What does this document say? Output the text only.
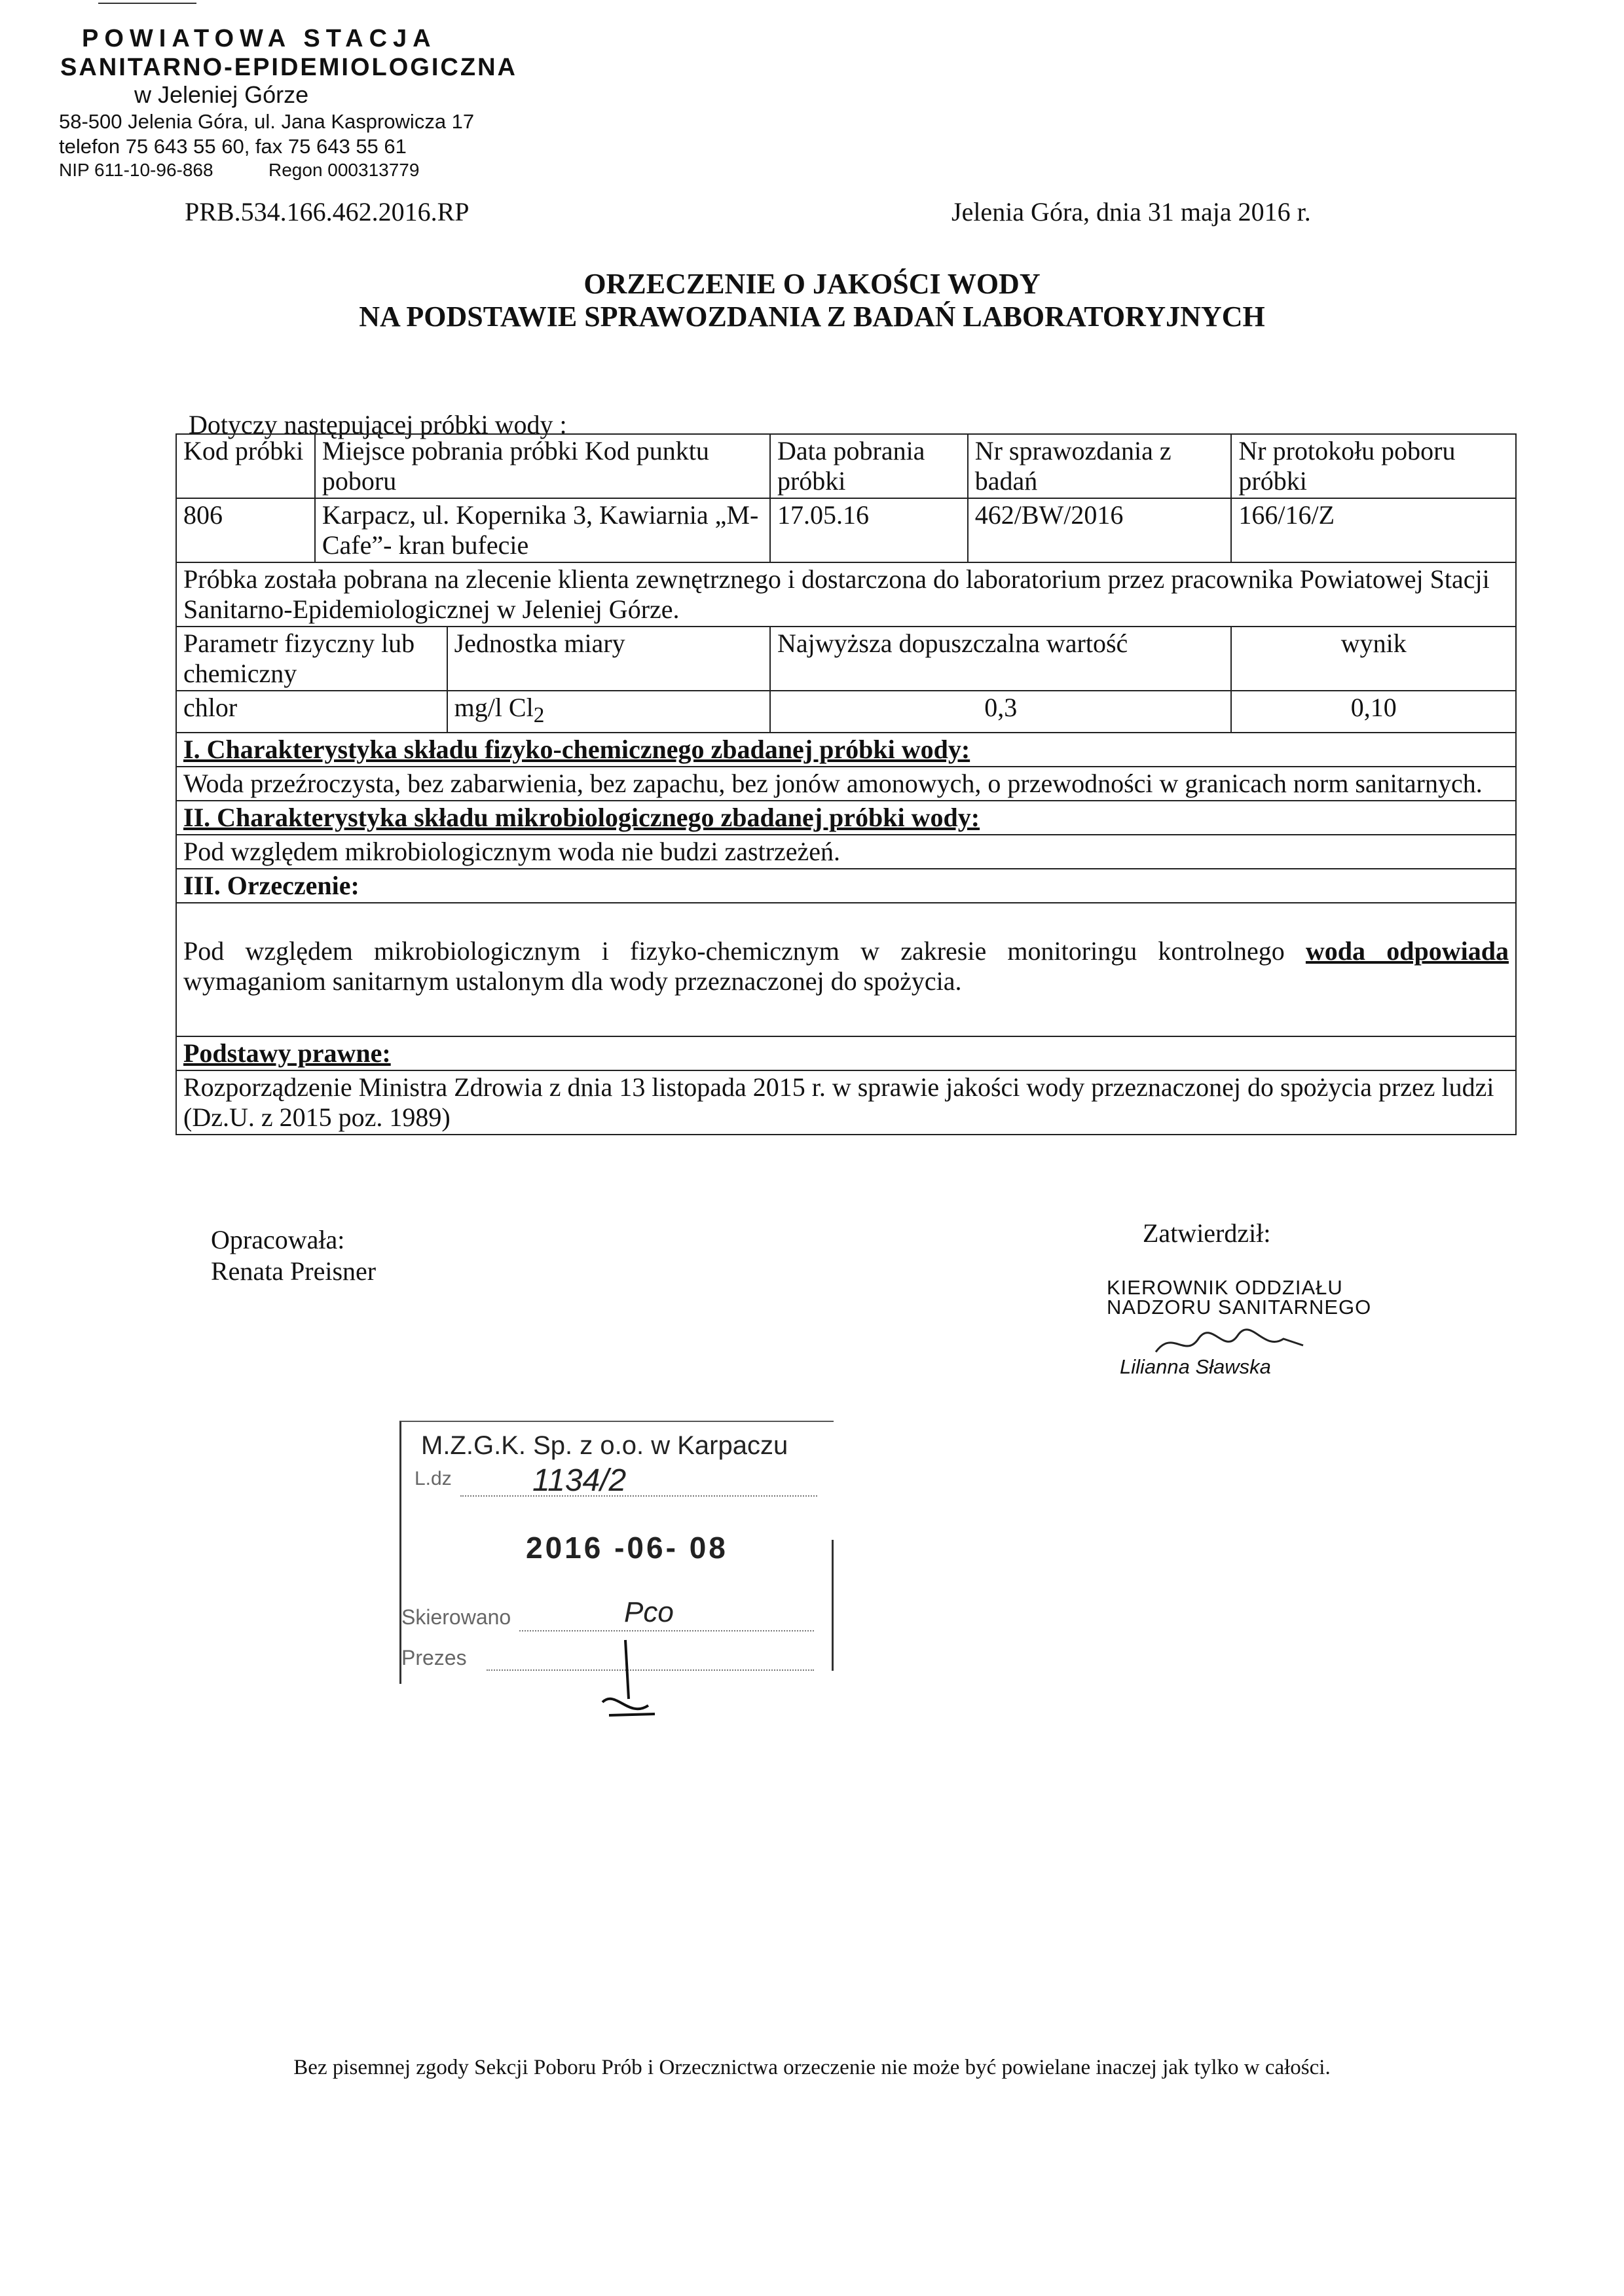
POWIATOWA STACJA
SANITARNO-EPIDEMIOLOGICZNA
w Jeleniej Górze
58-500 Jelenia Góra, ul. Jana Kasprowicza 17
telefon 75 643 55 60, fax 75 643 55 61
NIP 611-10-96-868	Regon 000313779
PRB.534.166.462.2016.RP	Jelenia Góra, dnia 31 maja 2016 r.
ORZECZENIE O JAKOŚCI WODY
NA PODSTAWIE SPRAWOZDANIA Z BADAŃ LABORATORYJNYCH
Dotyczy następującej próbki wody :
Kod próbki	Miejsce pobrania próbki Kod punktu poboru		Data pobrania próbki	Nr sprawozdania z badań	Nr protokołu poboru próbki
806	Karpacz, ul. Kopernika 3, Kawiarnia „M-Cafe”- kran bufecie		17.05.16	462/BW/2016	166/16/Z
Próbka została pobrana na zlecenie klienta zewnętrznego i dostarczona do laboratorium przez pracownika Powiatowej Stacji Sanitarno-Epidemiologicznej w Jeleniej Górze.					
Parametr fizyczny lub chemiczny		Jednostka miary	Najwyższa dopuszczalna wartość		wynik
chlor		mg/l $Cl_2$	0,3		0,10
I. Charakterystyka składu fizyko-chemicznego zbadanej próbki wody:					
Woda przeźroczysta, bez zabarwienia, bez zapachu, bez jonów amonowych, o przewodności w granicach norm sanitarnych.					
II. Charakterystyka składu mikrobiologicznego zbadanej próbki wody:					
Pod względem mikrobiologicznym woda nie budzi zastrzeżeń.					
III. Orzeczenie:					
Pod względem mikrobiologicznym i fizyko-chemicznym w zakresie monitoringu kontrolnego woda odpowiada wymaganiom sanitarnym ustalonym dla wody przeznaczonej do spożycia.					
Podstawy prawne:					
Rozporządzenie Ministra Zdrowia z dnia 13 listopada 2015 r. w sprawie jakości wody przeznaczonej do spożycia przez ludzi (Dz.U. z 2015 poz. 1989)					
Opracowała:
Renata Preisner
Zatwierdził:
KIEROWNIK ODDZIAŁU
NADZORU SANITARNEGO
Lilianna Sławska
M.Z.G.K. Sp. z o.o. w Karpaczu
L.dz	1134/2
2016 -06- 08
Skierowano	Pco
Prezes
Bez pisemnej zgody Sekcji Poboru Prób i Orzecznictwa orzeczenie nie może być powielane inaczej jak tylko w całości.
